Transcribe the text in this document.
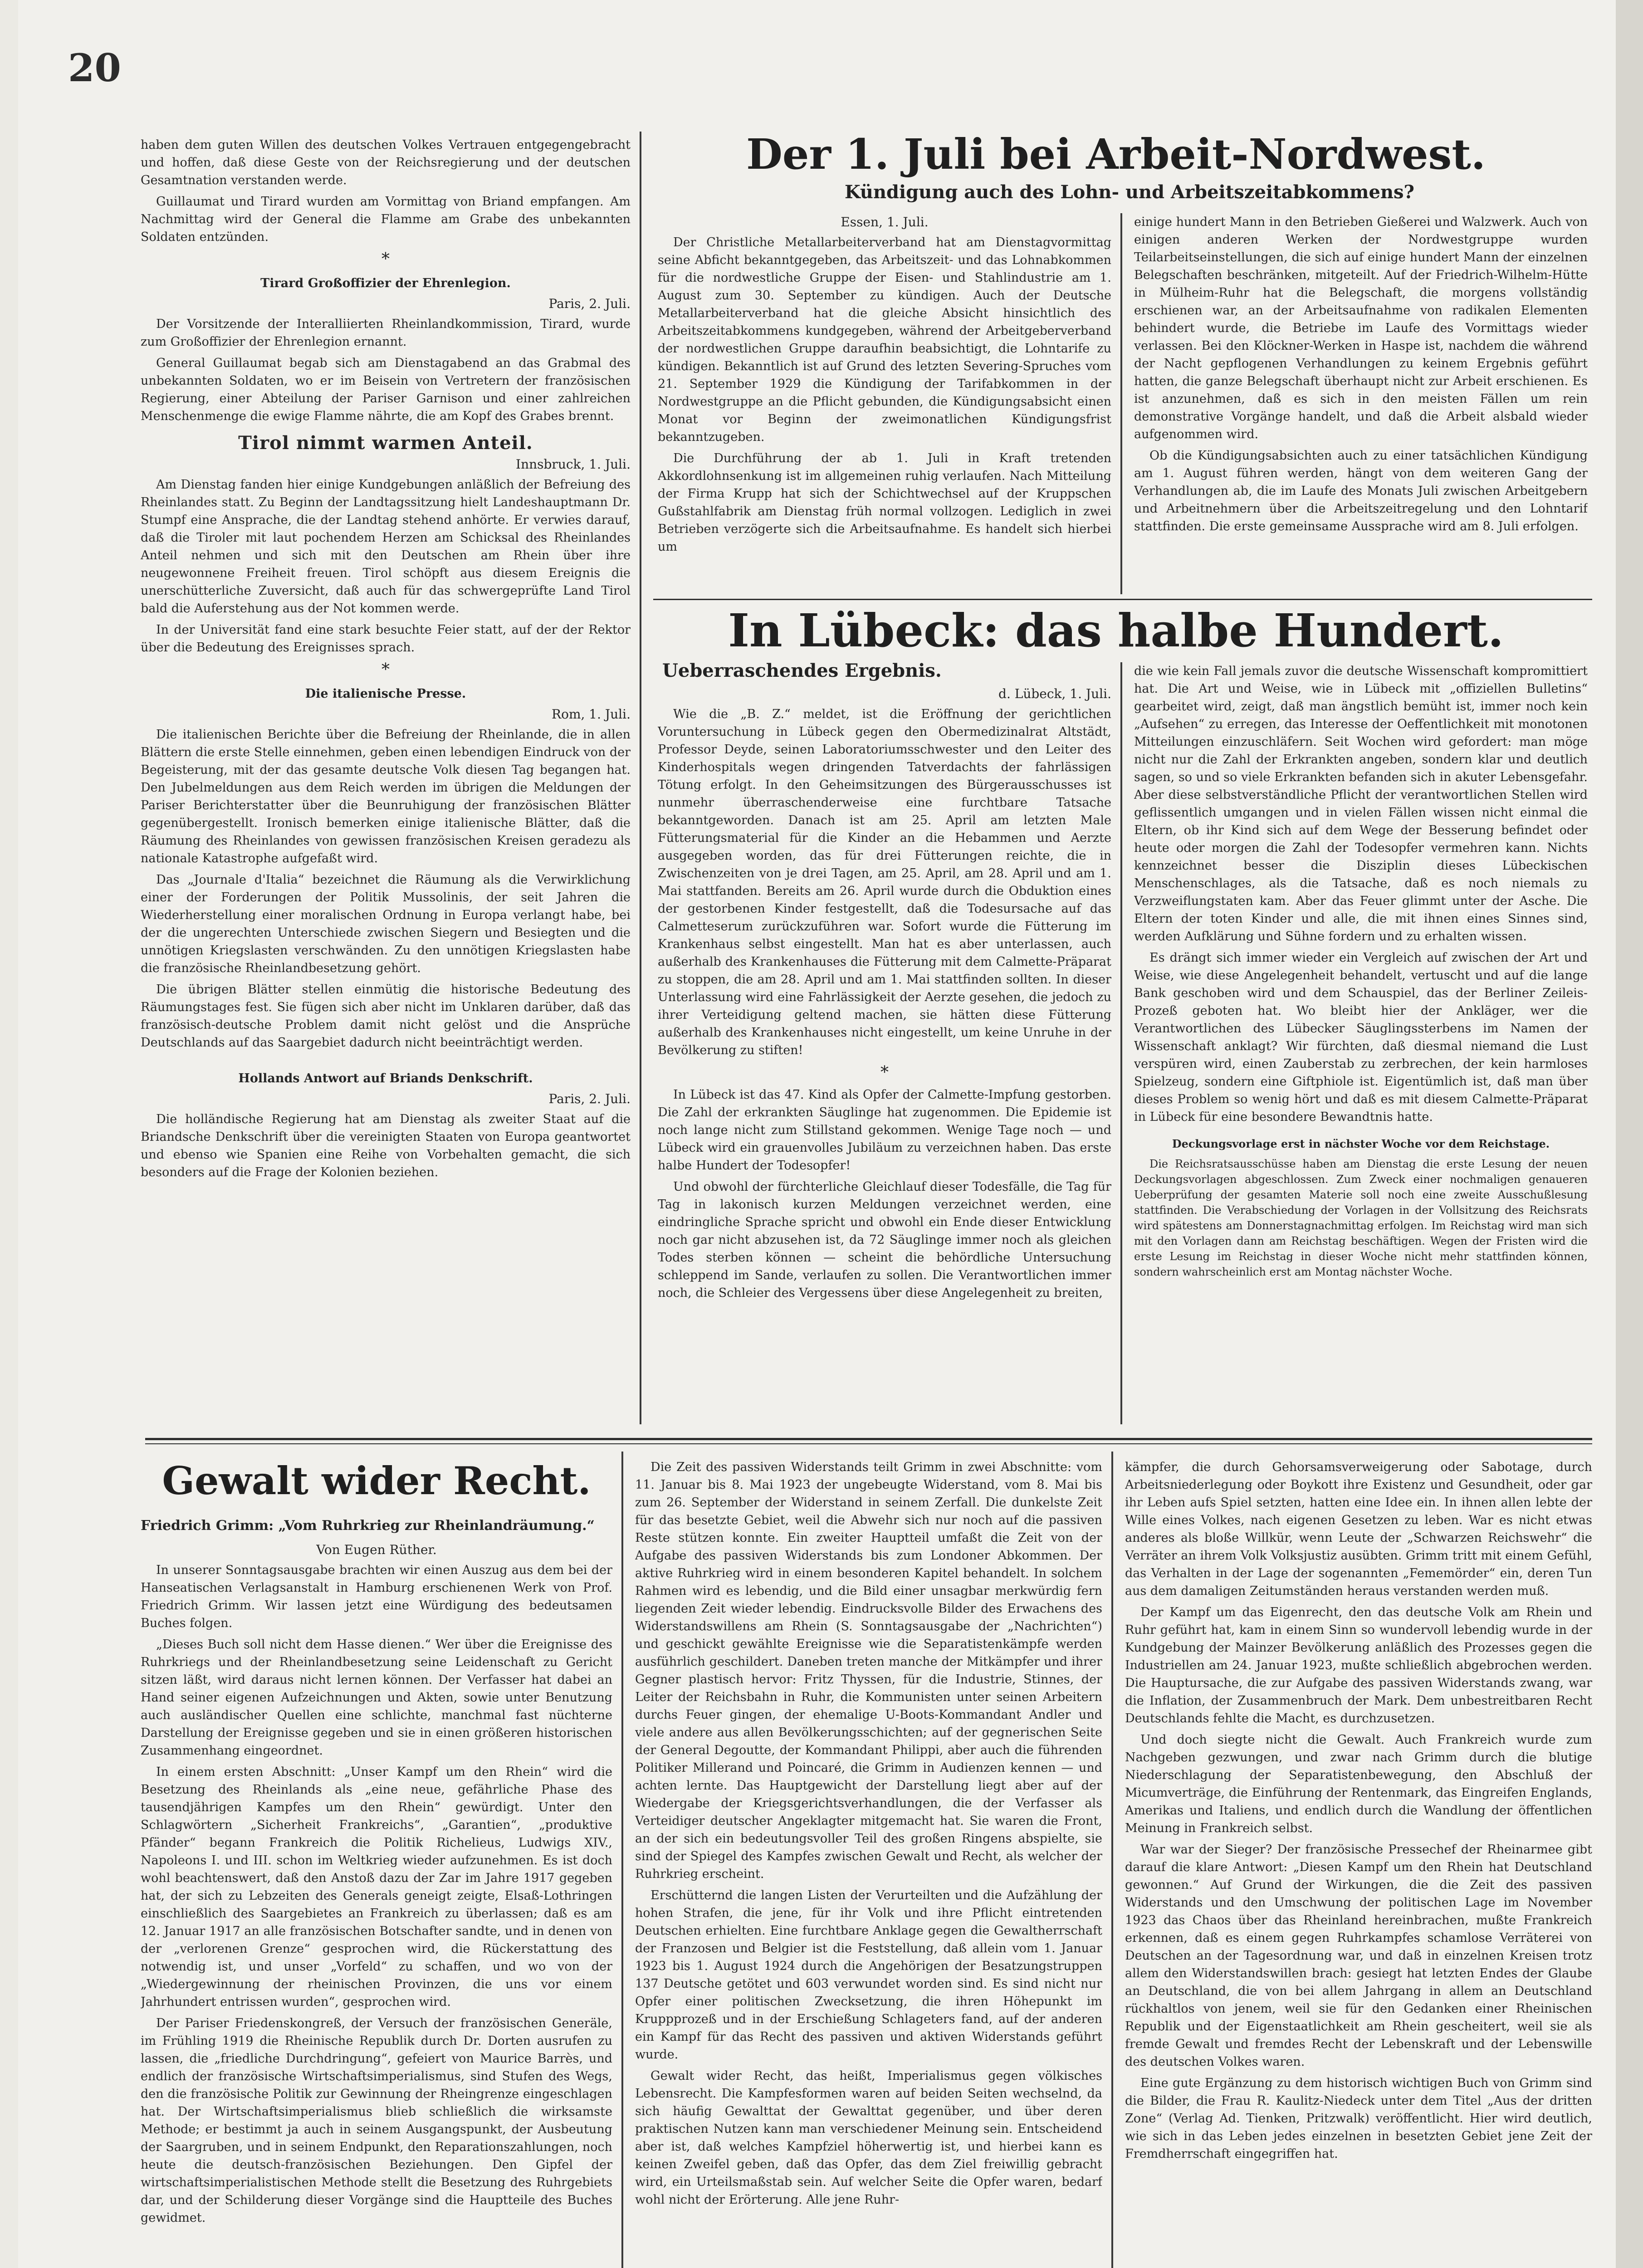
20

haben dem guten Willen des deutschen Volkes Vertrauen entgegengebracht und hoffen, daß diese Geste von der Reichsregierung und der deutschen Gesamtnation verstanden werde.

Guillaumat und Tirard wurden am Vormittag von Briand empfangen. Am Nachmittag wird der General die Flamme am Grabe des unbekannten Soldaten entzünden.

*
Tirard Großoffizier der Ehrenlegion.
Paris, 2. Juli.

Der Vorsitzende der Interalliierten Rheinlandkommission, Tirard, wurde zum Großoffizier der Ehrenlegion ernannt.

General Guillaumat begab sich am Dienstagabend an das Grabmal des unbekannten Soldaten, wo er im Beisein von Vertretern der französischen Regierung, einer Abteilung der Pariser Garnison und einer zahlreichen Menschenmenge die ewige Flamme nährte, die am Kopf des Grabes brennt.

Tirol nimmt warmen Anteil.
Innsbruck, 1. Juli.

Am Dienstag fanden hier einige Kundgebungen anläßlich der Befreiung des Rheinlandes statt. Zu Beginn der Landtagssitzung hielt Landeshauptmann Dr. Stumpf eine Ansprache, die der Landtag stehend anhörte. Er verwies darauf, daß die Tiroler mit laut pochendem Herzen am Schicksal des Rheinlandes Anteil nehmen und sich mit den Deutschen am Rhein über ihre neugewonnene Freiheit freuen. Tirol schöpft aus diesem Ereignis die unerschütterliche Zuversicht, daß auch für das schwergeprüfte Land Tirol bald die Auferstehung aus der Not kommen werde.

In der Universität fand eine stark besuchte Feier statt, auf der der Rektor über die Bedeutung des Ereignisses sprach.

*
Die italienische Presse.
Rom, 1. Juli.

Die italienischen Berichte über die Befreiung der Rheinlande, die in allen Blättern die erste Stelle einnehmen, geben einen lebendigen Eindruck von der Begeisterung, mit der das gesamte deutsche Volk diesen Tag begangen hat. Den Jubelmeldungen aus dem Reich werden im übrigen die Meldungen der Pariser Berichterstatter über die Beunruhigung der französischen Blätter gegenübergestellt. Ironisch bemerken einige italienische Blätter, daß die Räumung des Rheinlandes von gewissen französischen Kreisen geradezu als nationale Katastrophe aufgefaßt wird.

Das „Journale d'Italia“ bezeichnet die Räumung als die Verwirklichung einer der Forderungen der Politik Mussolinis, der seit Jahren die Wiederherstellung einer moralischen Ordnung in Europa verlangt habe, bei der die ungerechten Unterschiede zwischen Siegern und Besiegten und die unnötigen Kriegslasten verschwänden. Zu den unnötigen Kriegslasten habe die französische Rheinlandbesetzung gehört.

Die übrigen Blätter stellen einmütig die historische Bedeutung des Räumungstages fest. Sie fügen sich aber nicht im Unklaren darüber, daß das französisch-deutsche Problem damit nicht gelöst und die Ansprüche Deutschlands auf das Saargebiet dadurch nicht beeinträchtigt werden.

Hollands Antwort auf Briands Denkschrift.
Paris, 2. Juli.

Die holländische Regierung hat am Dienstag als zweiter Staat auf die Briandsche Denkschrift über die vereinigten Staaten von Europa geantwortet und ebenso wie Spanien eine Reihe von Vorbehalten gemacht, die sich besonders auf die Frage der Kolonien beziehen.

Der 1. Juli bei Arbeit-Nordwest.
Kündigung auch des Lohn- und Arbeitszeitabkommens?
Essen, 1. Juli.

Der Christliche Metallarbeiterverband hat am Dienstagvormittag seine Abficht bekanntgegeben, das Arbeitszeit- und das Lohnabkommen für die nordwestliche Gruppe der Eisen- und Stahlindustrie am 1. August zum 30. September zu kündigen. Auch der Deutsche Metallarbeiterverband hat die gleiche Absicht hinsichtlich des Arbeitszeitabkommens kundgegeben, während der Arbeitgeberverband der nordwestlichen Gruppe daraufhin beabsichtigt, die Lohntarife zu kündigen. Bekanntlich ist auf Grund des letzten Severing-Spruches vom 21. September 1929 die Kündigung der Tarifabkommen in der Nordwestgruppe an die Pflicht gebunden, die Kündigungsabsicht einen Monat vor Beginn der zweimonatlichen Kündigungsfrist bekanntzugeben.

Die Durchführung der ab 1. Juli in Kraft tretenden Akkordlohnsenkung ist im allgemeinen ruhig verlaufen. Nach Mitteilung der Firma Krupp hat sich der Schichtwechsel auf der Kruppschen Gußstahlfabrik am Dienstag früh normal vollzogen. Lediglich in zwei Betrieben verzögerte sich die Arbeitsaufnahme. Es handelt sich hierbei um

einige hundert Mann in den Betrieben Gießerei und Walzwerk. Auch von einigen anderen Werken der Nordwestgruppe wurden Teilarbeitseinstellungen, die sich auf einige hundert Mann der einzelnen Belegschaften beschränken, mitgeteilt. Auf der Friedrich-Wilhelm-Hütte in Mülheim-Ruhr hat die Belegschaft, die morgens vollständig erschienen war, an der Arbeitsaufnahme von radikalen Elementen behindert wurde, die Betriebe im Laufe des Vormittags wieder verlassen. Bei den Klöckner-Werken in Haspe ist, nachdem die während der Nacht gepflogenen Verhandlungen zu keinem Ergebnis geführt hatten, die ganze Belegschaft überhaupt nicht zur Arbeit erschienen. Es ist anzunehmen, daß es sich in den meisten Fällen um rein demonstrative Vorgänge handelt, und daß die Arbeit alsbald wieder aufgenommen wird.

Ob die Kündigungsabsichten auch zu einer tatsächlichen Kündigung am 1. August führen werden, hängt von dem weiteren Gang der Verhandlungen ab, die im Laufe des Monats Juli zwischen Arbeitgebern und Arbeitnehmern über die Arbeitszeitregelung und den Lohntarif stattfinden. Die erste gemeinsame Aussprache wird am 8. Juli erfolgen.

In Lübeck: das halbe Hundert.
Ueberraschendes Ergebnis.
d. Lübeck, 1. Juli.

Wie die „B. Z.“ meldet, ist die Eröffnung der gerichtlichen Voruntersuchung in Lübeck gegen den Obermedizinalrat Altstädt, Professor Deyde, seinen Laboratoriumsschwester und den Leiter des Kinderhospitals wegen dringenden Tatverdachts der fahrlässigen Tötung erfolgt. In den Geheimsitzungen des Bürgerausschusses ist nunmehr überraschenderweise eine furchtbare Tatsache bekanntgeworden. Danach ist am 25. April am letzten Male Fütterungsmaterial für die Kinder an die Hebammen und Aerzte ausgegeben worden, das für drei Fütterungen reichte, die in Zwischenzeiten von je drei Tagen, am 25. April, am 28. April und am 1. Mai stattfanden. Bereits am 26. April wurde durch die Obduktion eines der gestorbenen Kinder festgestellt, daß die Todesursache auf das Calmetteserum zurückzuführen war. Sofort wurde die Fütterung im Krankenhaus selbst eingestellt. Man hat es aber unterlassen, auch außerhalb des Krankenhauses die Fütterung mit dem Calmette-Präparat zu stoppen, die am 28. April und am 1. Mai stattfinden sollten. In dieser Unterlassung wird eine Fahrlässigkeit der Aerzte gesehen, die jedoch zu ihrer Verteidigung geltend machen, sie hätten diese Fütterung außerhalb des Krankenhauses nicht eingestellt, um keine Unruhe in der Bevölkerung zu stiften!

*

In Lübeck ist das 47. Kind als Opfer der Calmette-Impfung gestorben. Die Zahl der erkrankten Säuglinge hat zugenommen. Die Epidemie ist noch lange nicht zum Stillstand gekommen. Wenige Tage noch — und Lübeck wird ein grauenvolles Jubiläum zu verzeichnen haben. Das erste halbe Hundert der Todesopfer!

Und obwohl der fürchterliche Gleichlauf dieser Todesfälle, die Tag für Tag in lakonisch kurzen Meldungen verzeichnet werden, eine eindringliche Sprache spricht und obwohl ein Ende dieser Entwicklung noch gar nicht abzusehen ist, da 72 Säuglinge immer noch als gleichen Todes sterben können — scheint die behördliche Untersuchung schleppend im Sande, verlaufen zu sollen. Die Verantwortlichen immer noch, die Schleier des Vergessens über diese Angelegenheit zu breiten,

die wie kein Fall jemals zuvor die deutsche Wissenschaft kompromittiert hat. Die Art und Weise, wie in Lübeck mit „offiziellen Bulletins“ gearbeitet wird, zeigt, daß man ängstlich bemüht ist, immer noch kein „Aufsehen“ zu erregen, das Interesse der Oeffentlichkeit mit monotonen Mitteilungen einzuschläfern. Seit Wochen wird gefordert: man möge nicht nur die Zahl der Erkrankten angeben, sondern klar und deutlich sagen, so und so viele Erkrankten befanden sich in akuter Lebensgefahr. Aber diese selbstverständliche Pflicht der verantwortlichen Stellen wird geflissentlich umgangen und in vielen Fällen wissen nicht einmal die Eltern, ob ihr Kind sich auf dem Wege der Besserung befindet oder heute oder morgen die Zahl der Todesopfer vermehren kann. Nichts kennzeichnet besser die Disziplin dieses Lübeckischen Menschenschlages, als die Tatsache, daß es noch niemals zu Verzweiflungstaten kam. Aber das Feuer glimmt unter der Asche. Die Eltern der toten Kinder und alle, die mit ihnen eines Sinnes sind, werden Aufklärung und Sühne fordern und zu erhalten wissen.

Es drängt sich immer wieder ein Vergleich auf zwischen der Art und Weise, wie diese Angelegenheit behandelt, vertuscht und auf die lange Bank geschoben wird und dem Schauspiel, das der Berliner Zeileis-Prozeß geboten hat. Wo bleibt hier der Ankläger, wer die Verantwortlichen des Lübecker Säuglingssterbens im Namen der Wissenschaft anklagt? Wir fürchten, daß diesmal niemand die Lust verspüren wird, einen Zauberstab zu zerbrechen, der kein harmloses Spielzeug, sondern eine Giftphiole ist. Eigentümlich ist, daß man über dieses Problem so wenig hört und daß es mit diesem Calmette-Präparat in Lübeck für eine besondere Bewandtnis hatte.

Deckungsvorlage erst in nächster Woche vor dem Reichstage.

Die Reichsratsausschüsse haben am Dienstag die erste Lesung der neuen Deckungsvorlagen abgeschlossen. Zum Zweck einer nochmaligen genaueren Ueberprüfung der gesamten Materie soll noch eine zweite Ausschußlesung stattfinden. Die Verabschiedung der Vorlagen in der Vollsitzung des Reichsrats wird spätestens am Donnerstagnachmittag erfolgen. Im Reichstag wird man sich mit den Vorlagen dann am Reichstag beschäftigen. Wegen der Fristen wird die erste Lesung im Reichstag in dieser Woche nicht mehr stattfinden können, sondern wahrscheinlich erst am Montag nächster Woche.

Gewalt wider Recht.
Friedrich Grimm: „Vom Ruhrkrieg zur Rheinlandräumung.“
Von Eugen Rüther.

In unserer Sonntagsausgabe brachten wir einen Auszug aus dem bei der Hanseatischen Verlagsanstalt in Hamburg erschienenen Werk von Prof. Friedrich Grimm. Wir lassen jetzt eine Würdigung des bedeutsamen Buches folgen.

„Dieses Buch soll nicht dem Hasse dienen.“ Wer über die Ereignisse des Ruhrkriegs und der Rheinlandbesetzung seine Leidenschaft zu Gericht sitzen läßt, wird daraus nicht lernen können. Der Verfasser hat dabei an Hand seiner eigenen Aufzeichnungen und Akten, sowie unter Benutzung auch ausländischer Quellen eine schlichte, manchmal fast nüchterne Darstellung der Ereignisse gegeben und sie in einen größeren historischen Zusammenhang eingeordnet.

In einem ersten Abschnitt: „Unser Kampf um den Rhein“ wird die Besetzung des Rheinlands als „eine neue, gefährliche Phase des tausendjährigen Kampfes um den Rhein“ gewürdigt. Unter den Schlagwörtern „Sicherheit Frankreichs“, „Garantien“, „produktive Pfänder“ begann Frankreich die Politik Richelieus, Ludwigs XIV., Napoleons I. und III. schon im Weltkrieg wieder aufzunehmen. Es ist doch wohl beachtenswert, daß den Anstoß dazu der Zar im Jahre 1917 gegeben hat, der sich zu Lebzeiten des Generals geneigt zeigte, Elsaß-Lothringen einschließlich des Saargebietes an Frankreich zu überlassen; daß es am 12. Januar 1917 an alle französischen Botschafter sandte, und in denen von der „verlorenen Grenze“ gesprochen wird, die Rückerstattung des notwendig ist, und unser „Vorfeld“ zu schaffen, und wo von der „Wiedergewinnung der rheinischen Provinzen, die uns vor einem Jahrhundert entrissen wurden“, gesprochen wird.

Der Pariser Friedenskongreß, der Versuch der französischen Generäle, im Frühling 1919 die Rheinische Republik durch Dr. Dorten ausrufen zu lassen, die „friedliche Durchdringung“, gefeiert von Maurice Barrès, und endlich der französische Wirtschaftsimperialismus, sind Stufen des Wegs, den die französische Politik zur Gewinnung der Rheingrenze eingeschlagen hat. Der Wirtschaftsimperialismus blieb schließlich die wirksamste Methode; er bestimmt ja auch in seinem Ausgangspunkt, der Ausbeutung der Saargruben, und in seinem Endpunkt, den Reparationszahlungen, noch heute die deutsch-französischen Beziehungen. Den Gipfel der wirtschaftsimperialistischen Methode stellt die Besetzung des Ruhrgebiets dar, und der Schilderung dieser Vorgänge sind die Hauptteile des Buches gewidmet.

Die Zeit des passiven Widerstands teilt Grimm in zwei Abschnitte: vom 11. Januar bis 8. Mai 1923 der ungebeugte Widerstand, vom 8. Mai bis zum 26. September der Widerstand in seinem Zerfall. Die dunkelste Zeit für das besetzte Gebiet, weil die Abwehr sich nur noch auf die passiven Reste stützen konnte. Ein zweiter Hauptteil umfaßt die Zeit von der Aufgabe des passiven Widerstands bis zum Londoner Abkommen. Der aktive Ruhrkrieg wird in einem besonderen Kapitel behandelt. In solchem Rahmen wird es lebendig, und die Bild einer unsagbar merkwürdig fern liegenden Zeit wieder lebendig. Eindrucksvolle Bilder des Erwachens des Widerstandswillens am Rhein (S. Sonntagsausgabe der „Nachrichten“) und geschickt gewählte Ereignisse wie die Separatistenkämpfe werden ausführlich geschildert. Daneben treten manche der Mitkämpfer und ihrer Gegner plastisch hervor: Fritz Thyssen, für die Industrie, Stinnes, der Leiter der Reichsbahn in Ruhr, die Kommunisten unter seinen Arbeitern durchs Feuer gingen, der ehemalige U-Boots-Kommandant Andler und viele andere aus allen Bevölkerungsschichten; auf der gegnerischen Seite der General Degoutte, der Kommandant Philippi, aber auch die führenden Politiker Millerand und Poincaré, die Grimm in Audienzen kennen — und achten lernte. Das Hauptgewicht der Darstellung liegt aber auf der Wiedergabe der Kriegsgerichtsverhandlungen, die der Verfasser als Verteidiger deutscher Angeklagter mitgemacht hat. Sie waren die Front, an der sich ein bedeutungsvoller Teil des großen Ringens abspielte, sie sind der Spiegel des Kampfes zwischen Gewalt und Recht, als welcher der Ruhrkrieg erscheint.

Erschütternd die langen Listen der Verurteilten und die Aufzählung der hohen Strafen, die jene, für ihr Volk und ihre Pflicht eintretenden Deutschen erhielten. Eine furchtbare Anklage gegen die Gewaltherrschaft der Franzosen und Belgier ist die Feststellung, daß allein vom 1. Januar 1923 bis 1. August 1924 durch die Angehörigen der Besatzungstruppen 137 Deutsche getötet und 603 verwundet worden sind. Es sind nicht nur Opfer einer politischen Zwecksetzung, die ihren Höhepunkt im Kruppprozeß und in der Erschießung Schlageters fand, auf der anderen ein Kampf für das Recht des passiven und aktiven Widerstands geführt wurde.

Gewalt wider Recht, das heißt, Imperialismus gegen völkisches Lebensrecht. Die Kampfesformen waren auf beiden Seiten wechselnd, da sich häufig Gewalttat der Gewalttat gegenüber, und über deren praktischen Nutzen kann man verschiedener Meinung sein. Entscheidend aber ist, daß welches Kampfziel höherwertig ist, und hierbei kann es keinen Zweifel geben, daß das Opfer, das dem Ziel freiwillig gebracht wird, ein Urteilsmaßstab sein. Auf welcher Seite die Opfer waren, bedarf wohl nicht der Erörterung. Alle jene Ruhr-

kämpfer, die durch Gehorsamsverweigerung oder Sabotage, durch Arbeitsniederlegung oder Boykott ihre Existenz und Gesundheit, oder gar ihr Leben aufs Spiel setzten, hatten eine Idee ein. In ihnen allen lebte der Wille eines Volkes, nach eigenen Gesetzen zu leben. War es nicht etwas anderes als bloße Willkür, wenn Leute der „Schwarzen Reichswehr“ die Verräter an ihrem Volk Volksjustiz ausübten. Grimm tritt mit einem Gefühl, das Verhalten in der Lage der sogenannten „Fememörder“ ein, deren Tun aus dem damaligen Zeitumständen heraus verstanden werden muß.

Der Kampf um das Eigenrecht, den das deutsche Volk am Rhein und Ruhr geführt hat, kam in einem Sinn so wundervoll lebendig wurde in der Kundgebung der Mainzer Bevölkerung anläßlich des Prozesses gegen die Industriellen am 24. Januar 1923, mußte schließlich abgebrochen werden. Die Hauptursache, die zur Aufgabe des passiven Widerstands zwang, war die Inflation, der Zusammenbruch der Mark. Dem unbestreitbaren Recht Deutschlands fehlte die Macht, es durchzusetzen.

Und doch siegte nicht die Gewalt. Auch Frankreich wurde zum Nachgeben gezwungen, und zwar nach Grimm durch die blutige Niederschlagung der Separatistenbewegung, den Abschluß der Micumverträge, die Einführung der Rentenmark, das Eingreifen Englands, Amerikas und Italiens, und endlich durch die Wandlung der öffentlichen Meinung in Frankreich selbst.

War war der Sieger? Der französische Pressechef der Rheinarmee gibt darauf die klare Antwort: „Diesen Kampf um den Rhein hat Deutschland gewonnen.“ Auf Grund der Wirkungen, die die Zeit des passiven Widerstands und den Umschwung der politischen Lage im November 1923 das Chaos über das Rheinland hereinbrachen, mußte Frankreich erkennen, daß es einem gegen Ruhrkampfes schamlose Verräterei von Deutschen an der Tagesordnung war, und daß in einzelnen Kreisen trotz allem den Widerstandswillen brach: gesiegt hat letzten Endes der Glaube an Deutschland, die von bei allem Jahrgang in allem an Deutschland rückhaltlos von jenem, weil sie für den Gedanken einer Rheinischen Republik und der Eigenstaatlichkeit am Rhein gescheitert, weil sie als fremde Gewalt und fremdes Recht der Lebenskraft und der Lebenswille des deutschen Volkes waren.

Eine gute Ergänzung zu dem historisch wichtigen Buch von Grimm sind die Bilder, die Frau R. Kaulitz-Niedeck unter dem Titel „Aus der dritten Zone“ (Verlag Ad. Tienken, Pritzwalk) veröffentlicht. Hier wird deutlich, wie sich in das Leben jedes einzelnen in besetzten Gebiet jene Zeit der Fremdherrschaft eingegriffen hat.
